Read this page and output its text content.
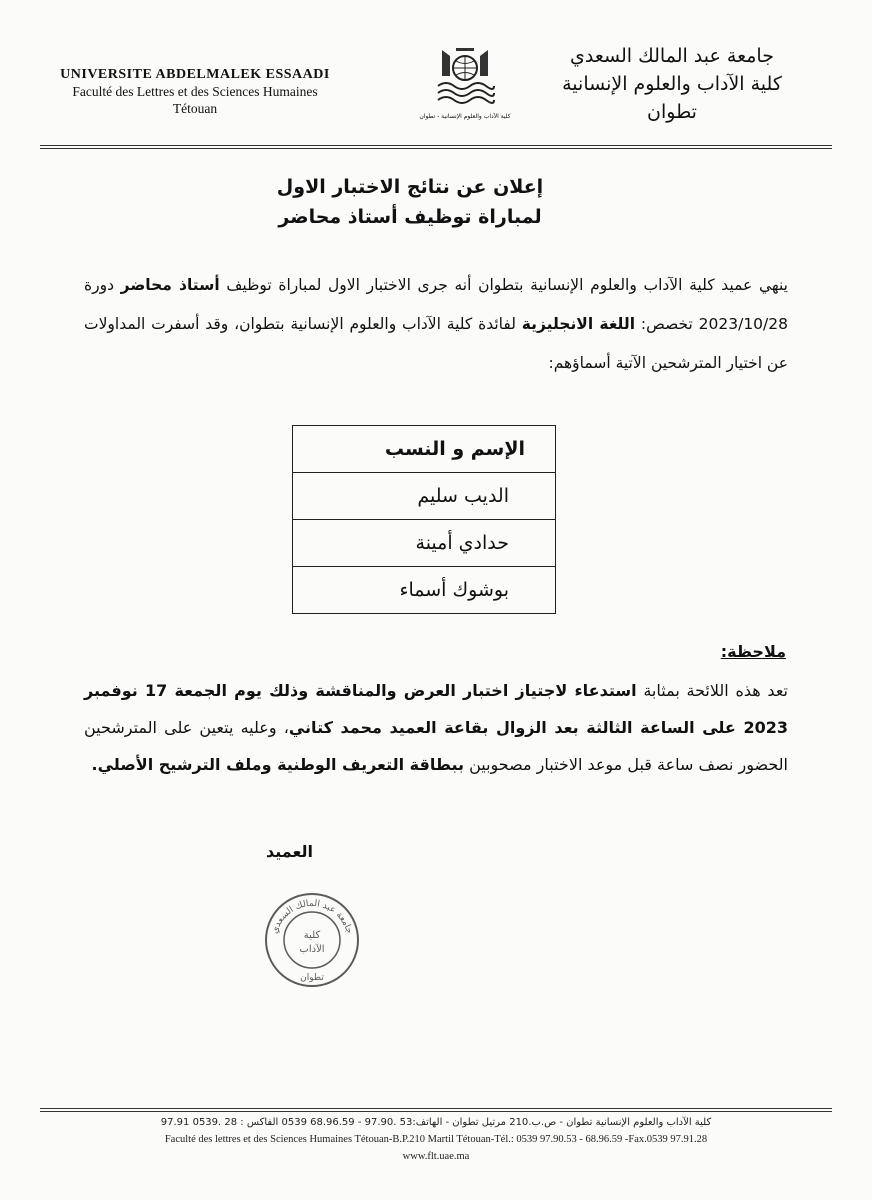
UNIVERSITE ABDELMALEK ESSAADI
Faculté des Lettres et des Sciences Humaines
Tétouan
كلية الآداب والعلوم الإنسانية - تطوان
جامعة عبد المالك السعدي
كلية الآداب والعلوم الإنسانية
تطوان
إعلان عن نتائج الاختبار الاول
لمباراة توظيف أستاذ محاضر
ينهي عميد كلية الآداب والعلوم الإنسانية بتطوان أنه جرى الاختبار الاول لمباراة توظيف أستاذ محاضر دورة 2023/10/28 تخصص: اللغة الانجليزية لفائدة كلية الآداب والعلوم الإنسانية بتطوان، وقد أسفرت المداولات عن اختيار المترشحين الآتية أسماؤهم:
الإسم و النسب
الديب سليم
حدادي أمينة
بوشوك أسماء
ملاحظة:
تعد هذه اللائحة بمثابة استدعاء لاجتياز اختبار العرض والمناقشة وذلك يوم الجمعة 17 نوفمبر 2023 على الساعة الثالثة بعد الزوال بقاعة العميد محمد كتاني، وعليه يتعين على المترشحين الحضور نصف ساعة قبل موعد الاختبار مصحوبين ببطاقة التعريف الوطنية وملف الترشيح الأصلي.
العميد
جامعة عبد المالك السعدي
كلية
الآداب
تطوان
كلية الآداب والعلوم الإنسانية تطوان - ص.ب.210 مرتيل تطوان - الهاتف:53 .97.90 - 68.96.59 0539 الفاكس : 28 .0539 97.91
Faculté des lettres et des Sciences Humaines Tétouan-B.P.210 Martil Tétouan-Tél.: 0539 97.90.53 - 68.96.59 -Fax.0539 97.91.28
www.flt.uae.ma
